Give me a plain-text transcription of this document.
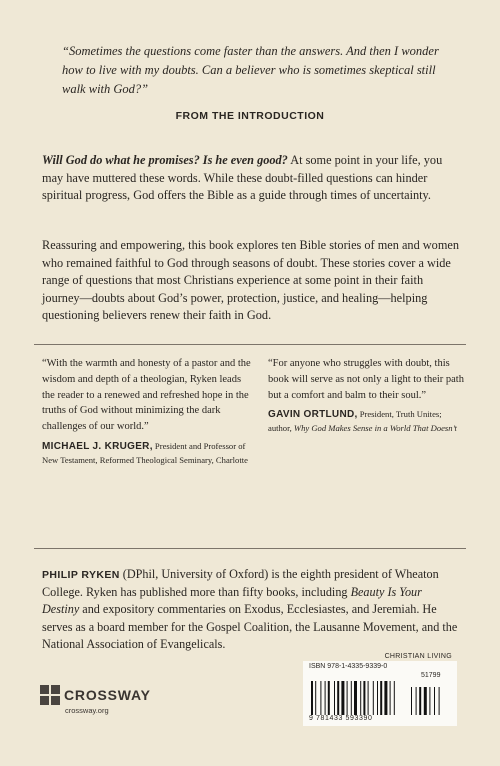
“Sometimes the questions come faster than the answers. And then I wonder how to live with my doubts. Can a believer who is sometimes skeptical still walk with God?”
FROM THE INTRODUCTION
Will God do what he promises? Is he even good? At some point in your life, you may have muttered these words. While these doubt-filled questions can hinder spiritual progress, God offers the Bible as a guide through times of uncertainty.
Reassuring and empowering, this book explores ten Bible stories of men and women who remained faithful to God through seasons of doubt. These stories cover a wide range of questions that most Christians experience at some point in their faith journey—doubts about God’s power, protection, justice, and healing—helping questioning believers renew their faith in God.

“With the warmth and honesty of a pastor and the wisdom and depth of a theologian, Ryken leads the reader to a renewed and refreshed hope in the truths of God without minimizing the dark challenges of our world.”

MICHAEL J. KRUGER, President and Professor of New Testament, Reformed Theological Seminary, Charlotte

“For anyone who struggles with doubt, this book will serve as not only a light to their path but a comfort and balm to their soul.”

GAVIN ORTLUND, President, Truth Unites; author, Why God Makes Sense in a World That Doesn’t
PHILIP RYKEN (DPhil, University of Oxford) is the eighth president of Wheaton College. Ryken has published more than fifty books, including Beauty Is Your Destiny and expository commentaries on Exodus, Ecclesiastes, and Jeremiah. He serves as a board member for the Gospel Coalition, the Lausanne Movement, and the National Association of Evangelicals.
CROSSWAY
crossway.org
CHRISTIAN LIVING
ISBN 978-1-4335-9339-0
51799
9 781433 593390
